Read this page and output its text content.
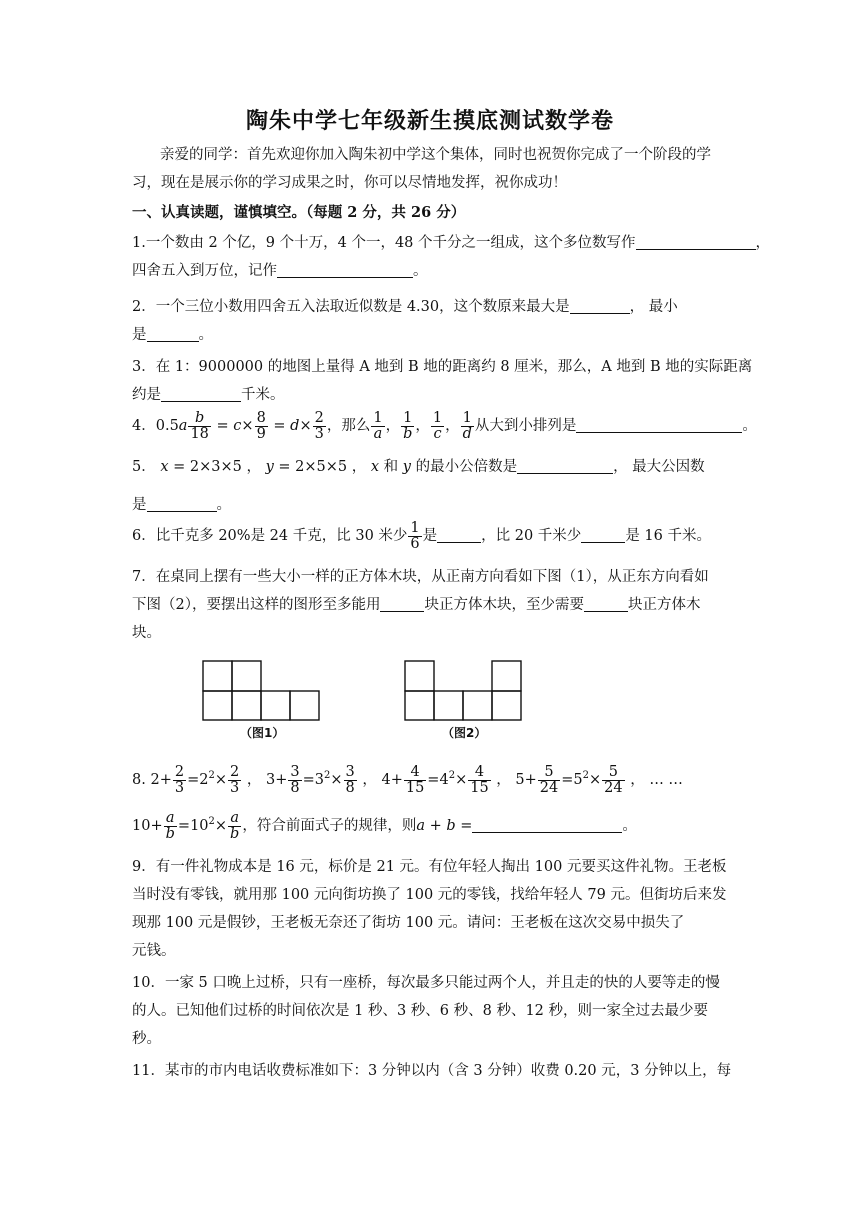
陶朱中学七年级新生摸底测试数学卷
亲爱的同学：首先欢迎你加入陶朱初中学这个集体，同时也祝贺你完成了一个阶段的学
习，现在是展示你的学习成果之时，你可以尽情地发挥，祝你成功！
一、认真读题，谨慎填空。（每题 2 分，共 26 分）
1.一个数由 2 个亿，9 个十万，4 个一，48 个千分之一组成，这个多位数写作	，
四舍五入到万位，记作	。
2．一个三位小数用四舍五入法取近似数是 4.30，这个数原来最大是	， 最小
是	。
3．在 1：9000000 的地图上量得 A 地到 B 地的距离约 8 厘米，那么，A 地到 B 地的实际距离
约是	千米。
4．$0.5a \frac{b}{18} = c\times \frac{8}{9} = d\times \frac{2}{3}$ ，那么 $\frac{1}{a}$ ， $\frac{1}{b}$ ， $\frac{1}{c}$ ， $\frac{1}{d}$ 从大到小排列是	。
5． x = 2×3×5 ， y = 2×5×5 ， x 和 y 的最小公倍数是	， 最大公因数
是	。
6．比千克多 20%是 24 千克，比 30 米少 $\frac{1}{6}$ 是	，比 20 千米少	是 16 千米。
7．在桌同上摆有一些大小一样的正方体木块，从正南方向看如下图（1），从正东方向看如
下图（2），要摆出这样的图形至多能用	块正方体木块，至少需要	块正方体木
块。
（图1）	（图2）
8. $2+ \frac{2}{3} =2^2\times \frac{2}{3}$ ， $3+ \frac{3}{8} =3^2\times \frac{3}{8}$ ， $4+ \frac{4}{15} =4^2\times \frac{4}{15}$ ， $5+ \frac{5}{24} =5^2\times \frac{5}{24}$ ， … …
$10+ \frac{a}{b} =10^2\times \frac{a}{b}$ ，符合前面式子的规律，则a + b =	。
9．有一件礼物成本是 16 元，标价是 21 元。有位年轻人掏出 100 元要买这件礼物。王老板
当时没有零钱，就用那 100 元向街坊换了 100 元的零钱，找给年轻人 79 元。但街坊后来发
现那 100 元是假钞，王老板无奈还了街坊 100 元。请问：王老板在这次交易中损失了
元钱。
10．一家 5 口晚上过桥，只有一座桥，每次最多只能过两个人，并且走的快的人要等走的慢
的人。已知他们过桥的时间依次是 1 秒、3 秒、6 秒、8 秒、12 秒，则一家全过去最少要
秒。
11．某市的市内电话收费标准如下：3 分钟以内（含 3 分钟）收费 0.20 元，3 分钟以上，每
